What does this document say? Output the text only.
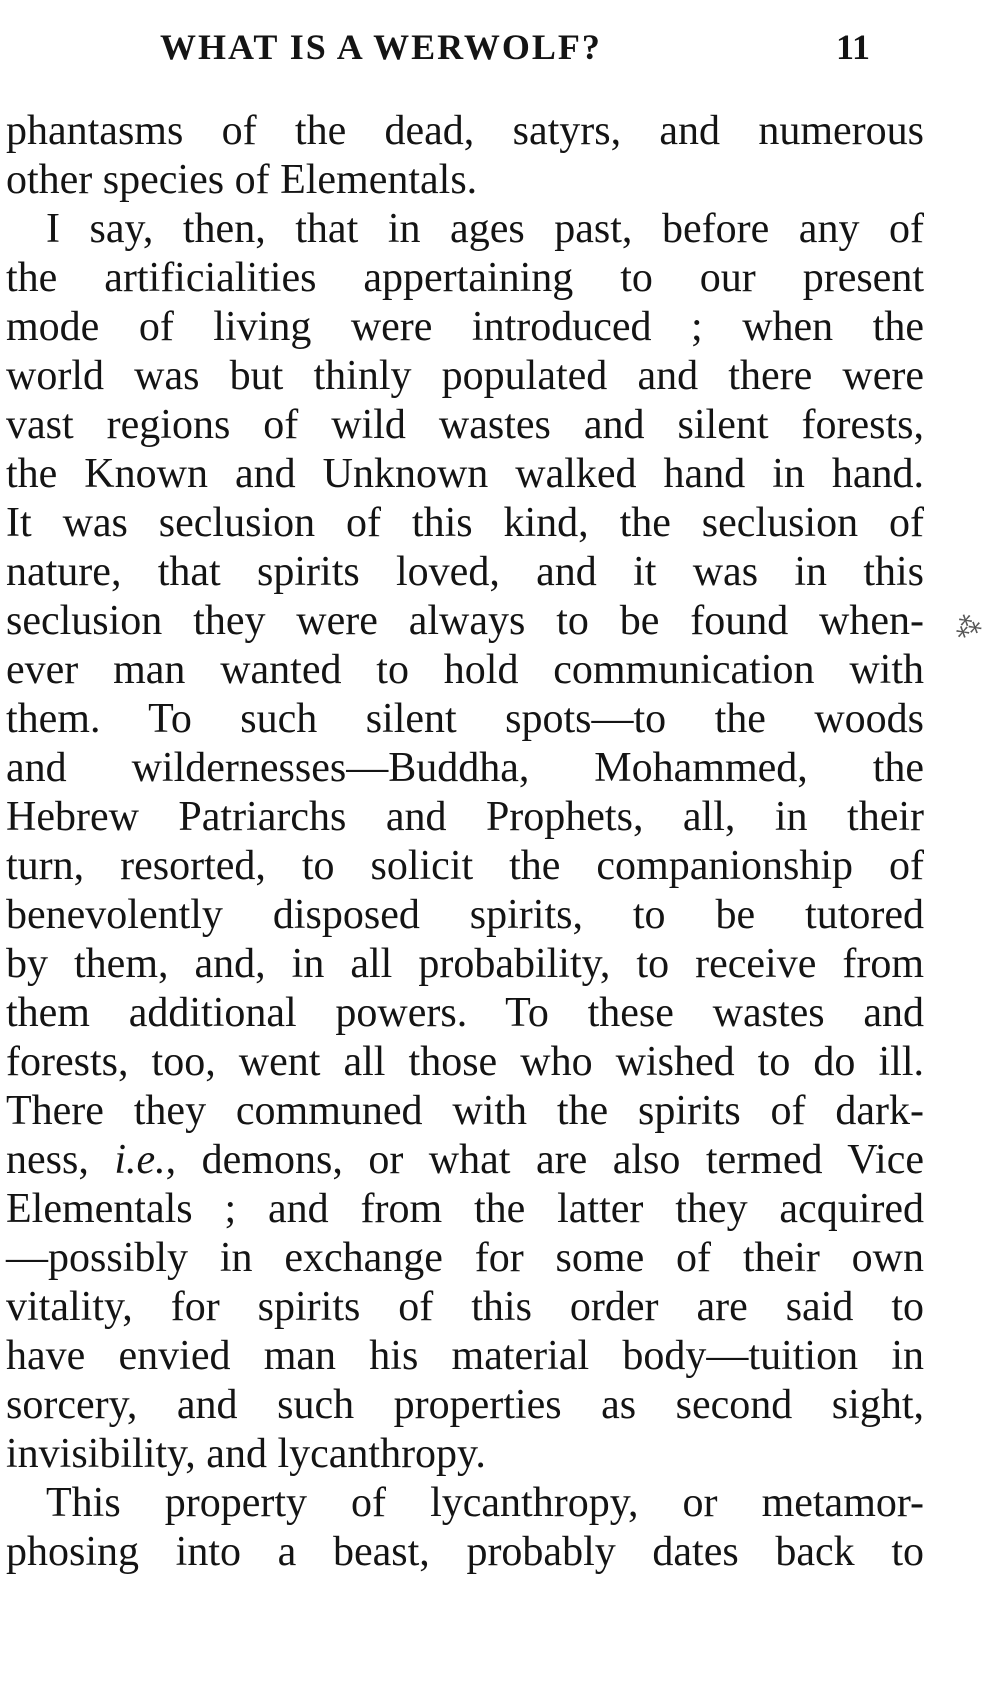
WHAT IS A WERWOLF?	11
phantasms of the dead, satyrs, and numerous
other species of Elementals.
I say, then, that in ages past, before any of
the artificialities appertaining to our present
mode of living were introduced ; when the
world was but thinly populated and there were
vast regions of wild wastes and silent forests,
the Known and Unknown walked hand in hand.
It was seclusion of this kind, the seclusion of
nature, that spirits loved, and it was in this
seclusion they were always to be found when-
ever man wanted to hold communication with
them. To such silent spots—to the woods
and wildernesses—Buddha, Mohammed, the
Hebrew Patriarchs and Prophets, all, in their
turn, resorted, to solicit the companionship of
benevolently disposed spirits, to be tutored
by them, and, in all probability, to receive from
them additional powers. To these wastes and
forests, too, went all those who wished to do ill.
There they communed with the spirits of dark-
ness, i.e., demons, or what are also termed Vice
Elementals ; and from the latter they acquired
—possibly in exchange for some of their own
vitality, for spirits of this order are said to
have envied man his material body—tuition in
sorcery, and such properties as second sight,
invisibility, and lycanthropy.
This property of lycanthropy, or metamor-
phosing into a beast, probably dates back to
⁂
